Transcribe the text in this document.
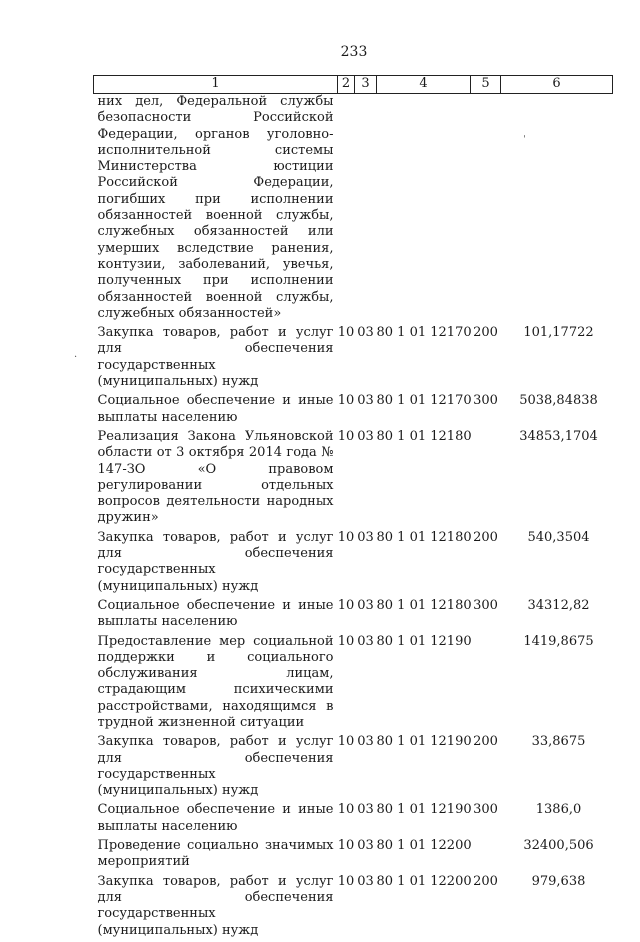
233
1	2	3	4	5	6
них дел, Федеральной службы безопасности Российской Федерации, органов уголовно-исполнительной системы Министерства юстиции Российской Федерации, погибших при исполнении обязанностей военной службы, служебных обязанностей или умерших вследствие ранения, контузии, заболеваний, увечья, полученных при исполнении обязанностей военной службы, служебных обязанностей»					
Закупка товаров, работ и услуг для обеспечения государственных (муниципальных) нужд	10	03	80 1 01 12170	200	101,17722
Социальное обеспечение и иные выплаты населению	10	03	80 1 01 12170	300	5038,84838
Реализация Закона Ульяновской области от 3 октября 2014 года № 147-ЗО «О правовом регулировании отдельных вопросов деятельности народных дружин»	10	03	80 1 01 12180		34853,1704
Закупка товаров, работ и услуг для обеспечения государственных (муниципальных) нужд	10	03	80 1 01 12180	200	540,3504
Социальное обеспечение и иные выплаты населению	10	03	80 1 01 12180	300	34312,82
Предоставление мер социальной поддержки и социального обслуживания лицам, страдающим психическими расстройствами, находящимся в трудной жизненной ситуации	10	03	80 1 01 12190		1419,8675
Закупка товаров, работ и услуг для обеспечения государственных (муниципальных) нужд	10	03	80 1 01 12190	200	33,8675
Социальное обеспечение и иные выплаты населению	10	03	80 1 01 12190	300	1386,0
Проведение социально значимых мероприятий	10	03	80 1 01 12200		32400,506
Закупка товаров, работ и услуг для обеспечения государственных (муниципальных) нужд	10	03	80 1 01 12200	200	979,638
ˌ
·
